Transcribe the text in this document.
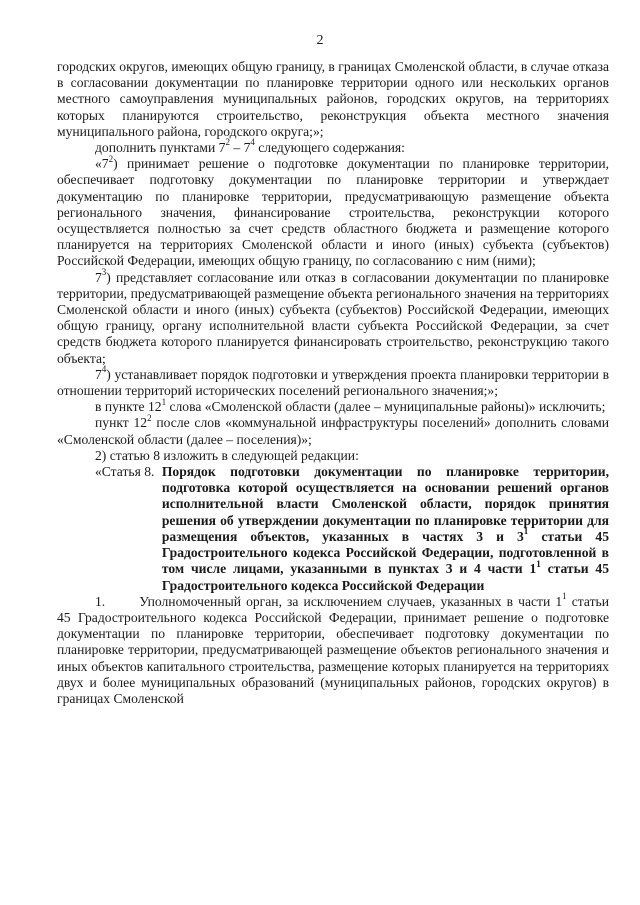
2

городских округов, имеющих общую границу, в границах Смоленской области, в случае отказа в согласовании документации по планировке территории одного или нескольких органов местного самоуправления муниципальных районов, городских округов, на территориях которых планируются строительство, реконструкция объекта местного значения муниципального района, городского округа;»;

дополнить пунктами $7^2 - 7^4$ следующего содержания:

«$7^2$) принимает решение о подготовке документации по планировке территории, обеспечивает подготовку документации по планировке территории и утверждает документацию по планировке территории, предусматривающую размещение объекта регионального значения, финансирование строительства, реконструкции которого осуществляется полностью за счет средств областного бюджета и размещение которого планируется на территориях Смоленской области и иного (иных) субъекта (субъектов) Российской Федерации, имеющих общую границу, по согласованию с ним (ними);

$7^3$) представляет согласование или отказ в согласовании документации по планировке территории, предусматривающей размещение объекта регионального значения на территориях Смоленской области и иного (иных) субъекта (субъектов) Российской Федерации, имеющих общую границу, органу исполнительной власти субъекта Российской Федерации, за счет средств бюджета которого планируется финансировать строительство, реконструкцию такого объекта;

$7^4$) устанавливает порядок подготовки и утверждения проекта планировки территории в отношении территорий исторических поселений регионального значения;»;

в пункте $12^1$ слова «Смоленской области (далее – муниципальные районы)» исключить;

пункт $12^2$ после слов «коммунальной инфраструктуры поселений» дополнить словами «Смоленской области (далее – поселения)»;

2) статью 8 изложить в следующей редакции:

«Статья 8. Порядок подготовки документации по планировке территории, подготовка которой осуществляется на основании решений органов исполнительной власти Смоленской области, порядок принятия решения об утверждении документации по планировке территории для размещения объектов, указанных в частях 3 и $3^1$ статьи 45 Градостроительного кодекса Российской Федерации, подготовленной в том числе лицами, указанными в пунктах 3 и 4 части $1^1$ статьи 45 Градостроительного кодекса Российской Федерации

1.	Уполномоченный орган, за исключением случаев, указанных в части $1^1$ статьи 45 Градостроительного кодекса Российской Федерации, принимает решение о подготовке документации по планировке территории, обеспечивает подготовку документации по планировке территории, предусматривающей размещение объектов регионального значения и иных объектов капитального строительства, размещение которых планируется на территориях двух и более муниципальных образований (муниципальных районов, городских округов) в границах Смоленской
